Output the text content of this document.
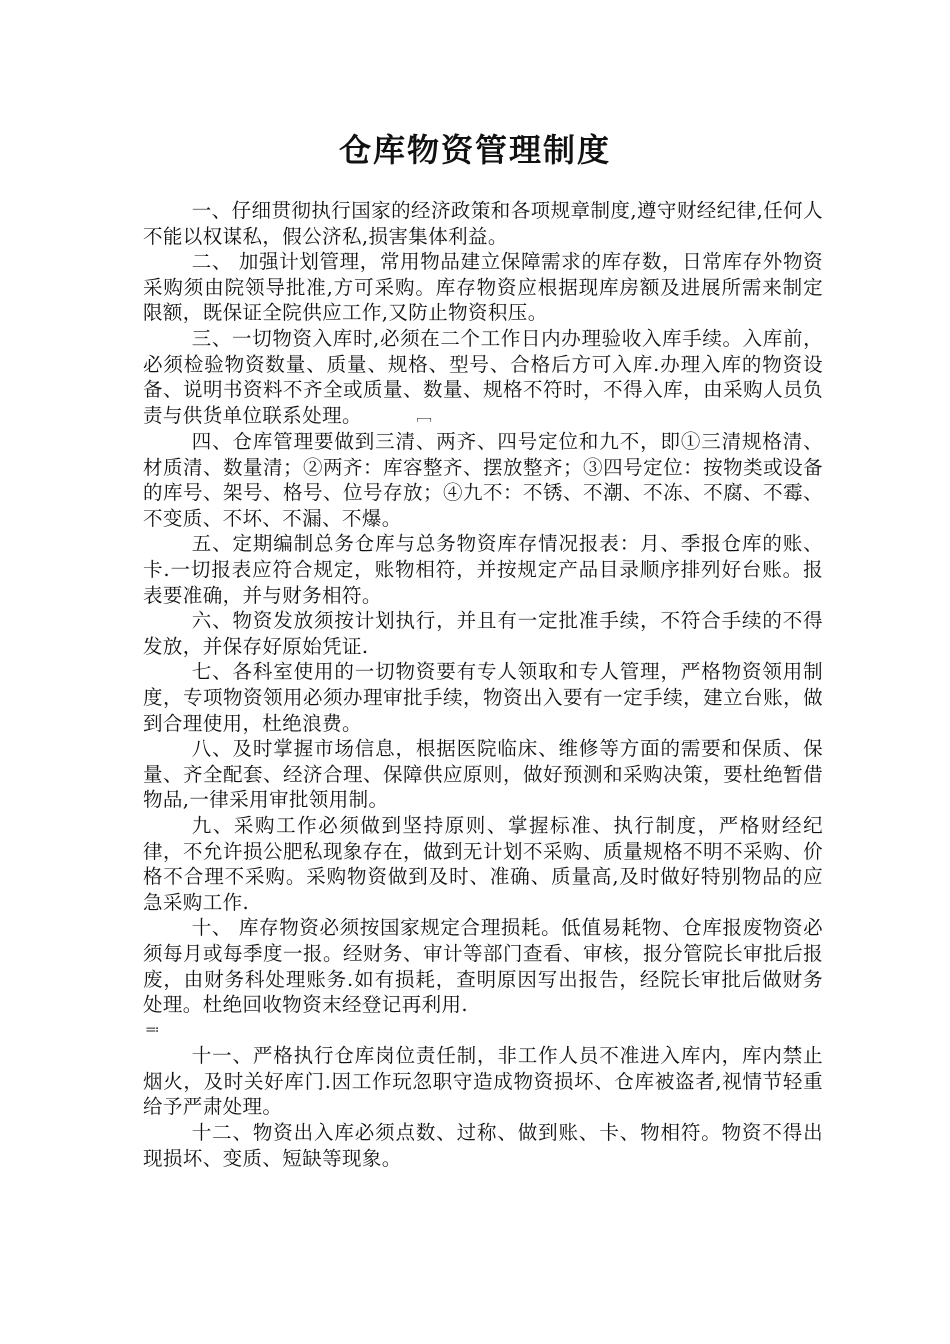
仓库物资管理制度

一、仔细贯彻执行国家的经济政策和各项规章制度,遵守财经纪律,任何人不能以权谋私，假公济私,损害集体利益。

二、 加强计划管理，常用物品建立保障需求的库存数，日常库存外物资采购须由院领导批准,方可采购。库存物资应根据现库房额及进展所需来制定限额，既保证全院供应工作,又防止物资积压。

三、一切物资入库时,必须在二个工作日内办理验收入库手续。入库前，必须检验物资数量、质量、规格、型号、合格后方可入库.办理入库的物资设备、说明书资料不齐全或质量、数量、规格不符时，不得入库，由采购人员负责与供货单位联系处理。	﹇

四、仓库管理要做到三清、两齐、四号定位和九不，即①三清规格清、材质清、数量清；②两齐：库容整齐、摆放整齐；③四号定位：按物类或设备的库号、架号、格号、位号存放；④九不：不锈、不潮、不冻、不腐、不霉、不变质、不坏、不漏、不爆。

五、定期编制总务仓库与总务物资库存情况报表：月、季报仓库的账、卡.一切报表应符合规定，账物相符，并按规定产品目录顺序排列好台账。报表要准确，并与财务相符。

六、物资发放须按计划执行，并且有一定批准手续，不符合手续的不得发放，并保存好原始凭证.

七、各科室使用的一切物资要有专人领取和专人管理，严格物资领用制度，专项物资领用必须办理审批手续，物资出入要有一定手续，建立台账，做到合理使用，杜绝浪费。

八、及时掌握市场信息，根据医院临床、维修等方面的需要和保质、保量、齐全配套、经济合理、保障供应原则，做好预测和采购决策，要杜绝暂借物品,一律采用审批领用制。

九、采购工作必须做到坚持原则、掌握标准、执行制度，严格财经纪律，不允许损公肥私现象存在，做到无计划不采购、质量规格不明不采购、价格不合理不采购。采购物资做到及时、准确、质量高,及时做好特别物品的应急采购工作.

十、 库存物资必须按国家规定合理损耗。低值易耗物、仓库报废物资必须每月或每季度一报。经财务、审计等部门查看、审核，报分管院长审批后报废，由财务科处理账务.如有损耗，查明原因写出报告，经院长审批后做财务处理。杜绝回收物资末经登记再利用.

≕

十一、严格执行仓库岗位责任制，非工作人员不准进入库内，库内禁止烟火，及时关好库门.因工作玩忽职守造成物资损坏、仓库被盗者,视情节轻重给予严肃处理。

十二、物资出入库必须点数、过称、做到账、卡、物相符。物资不得出现损坏、变质、短缺等现象。
